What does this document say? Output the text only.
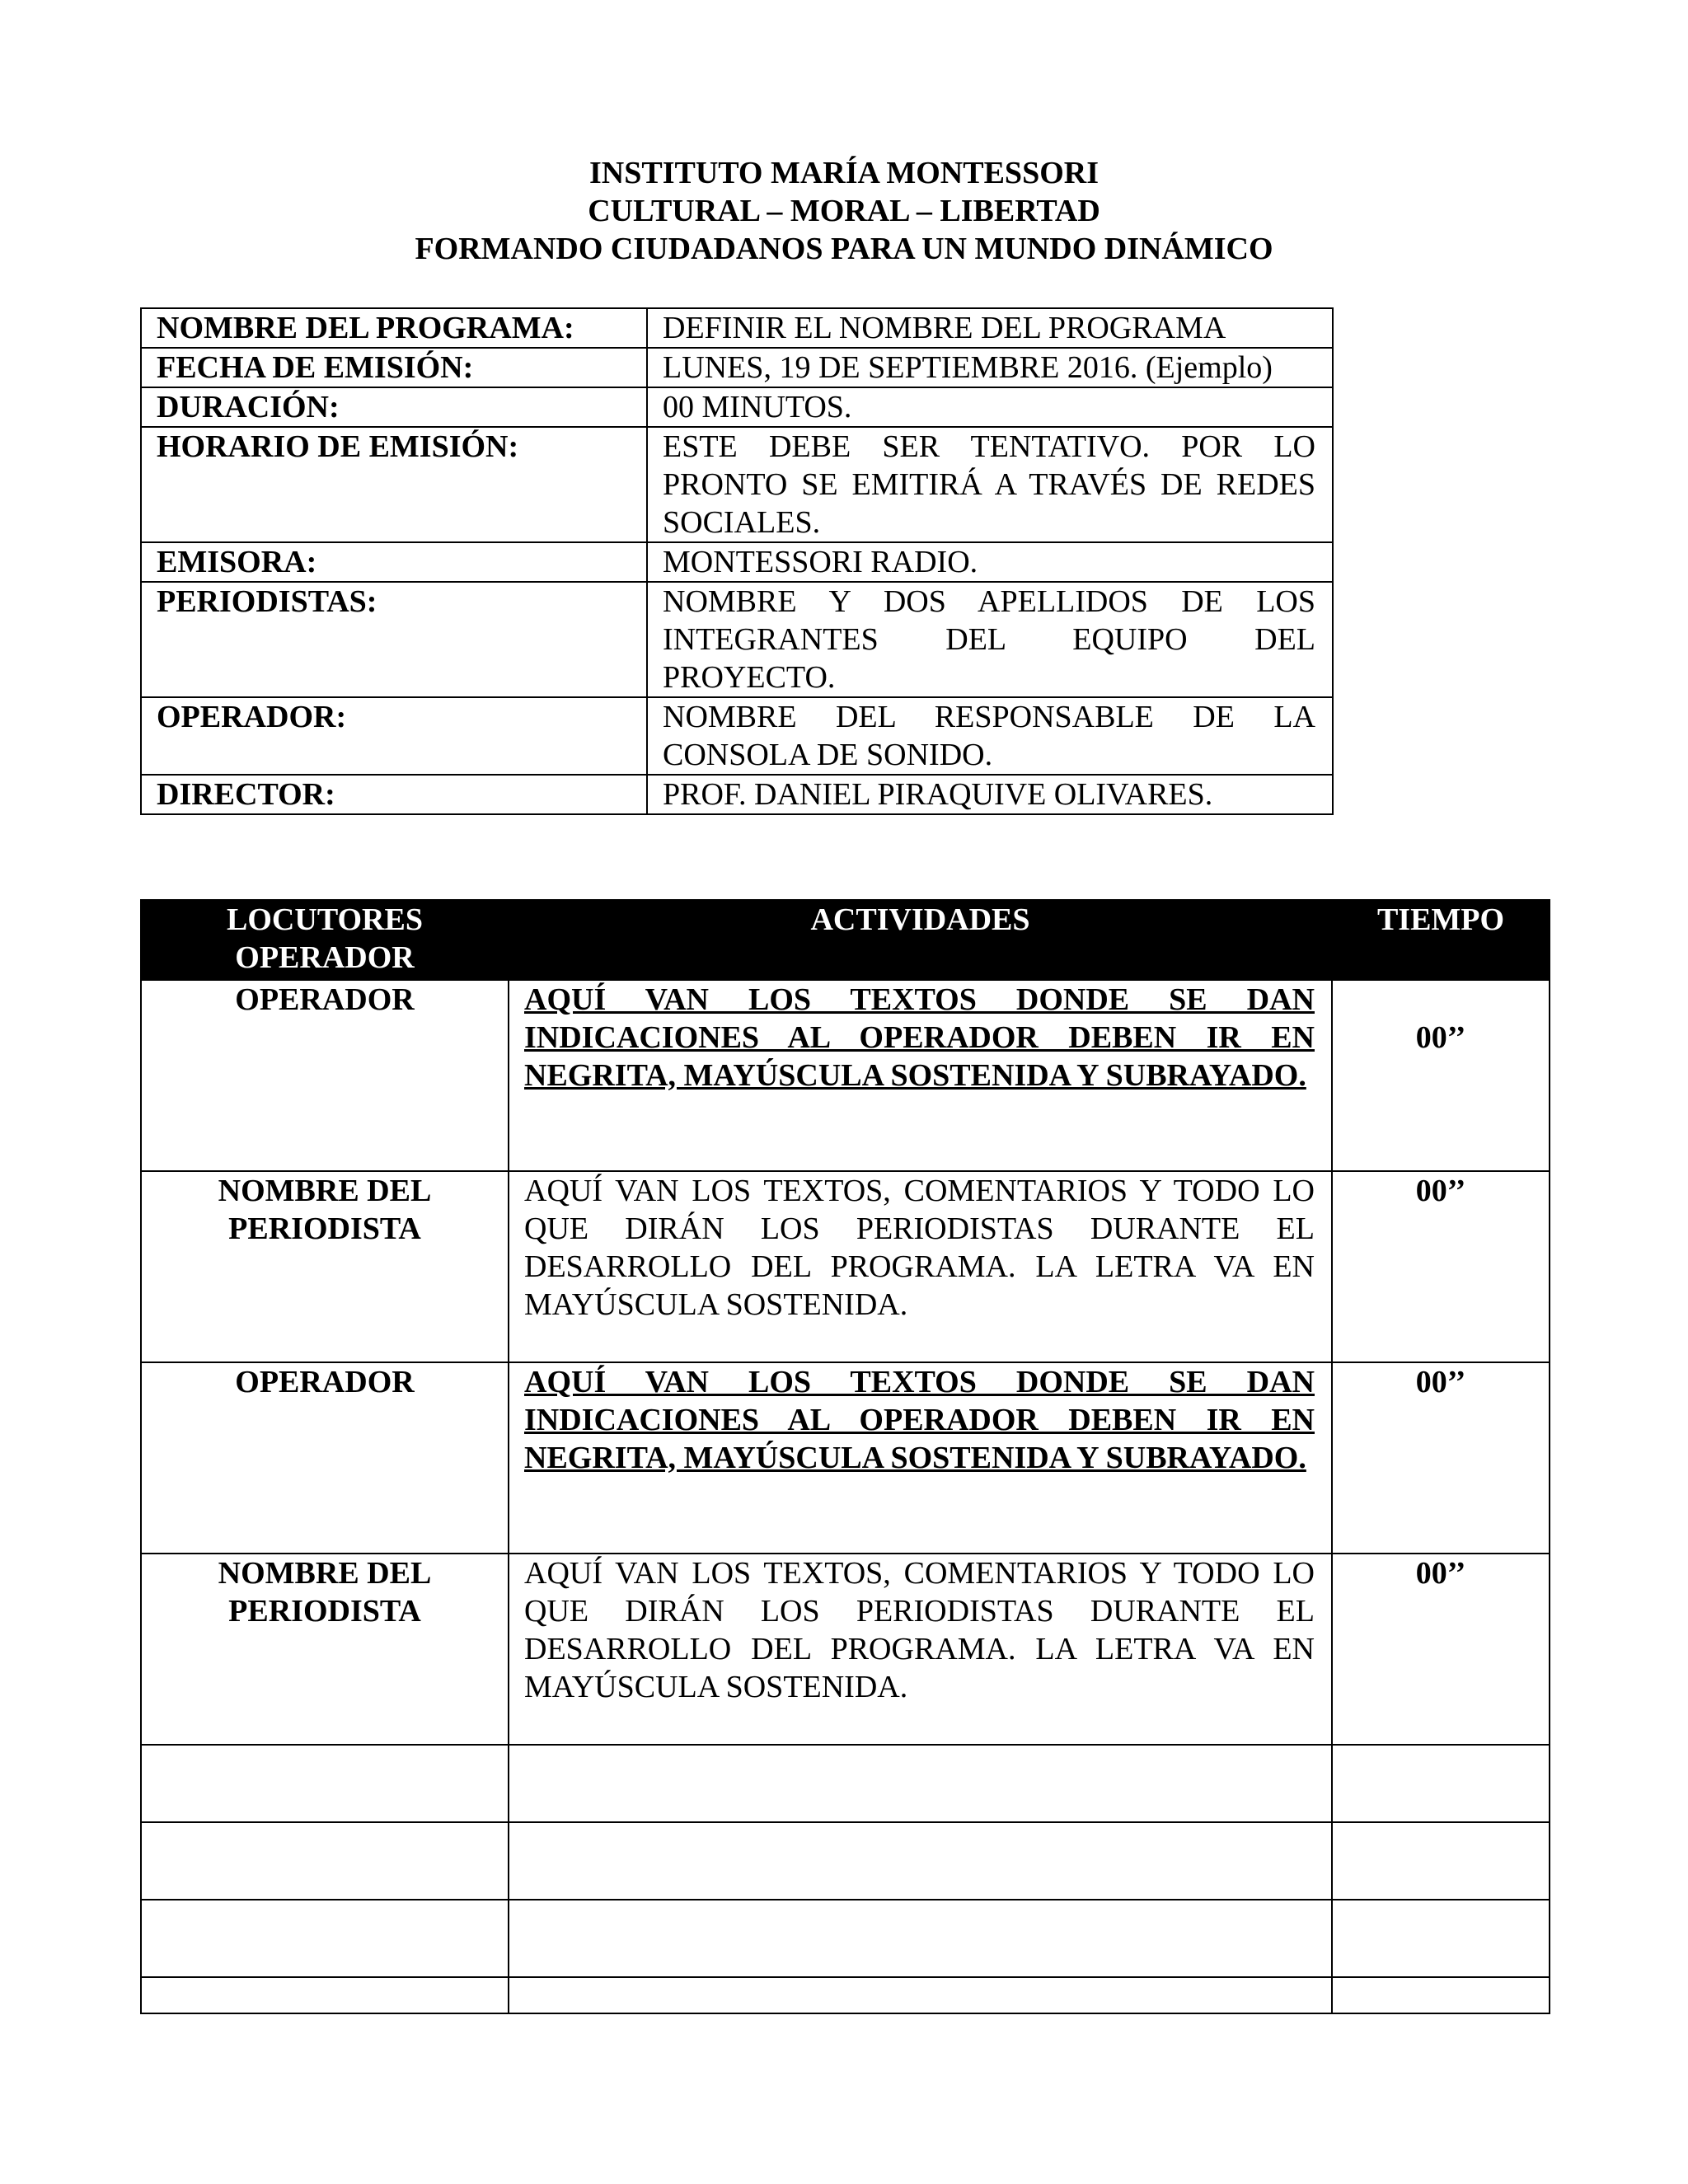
INSTITUTO MARÍA MONTESSORI
CULTURAL – MORAL – LIBERTAD
FORMANDO CIUDADANOS PARA UN MUNDO DINÁMICO
NOMBRE DEL PROGRAMA:	DEFINIR EL NOMBRE DEL PROGRAMA
FECHA DE EMISIÓN:	LUNES, 19 DE SEPTIEMBRE 2016. (Ejemplo)
DURACIÓN:	00 MINUTOS.
HORARIO DE EMISIÓN:	ESTE DEBE SER TENTATIVO. POR LO PRONTO SE EMITIRÁ A TRAVÉS DE REDES SOCIALES.
EMISORA:	MONTESSORI RADIO.
PERIODISTAS:	NOMBRE Y DOS APELLIDOS DE LOS INTEGRANTES DEL EQUIPO DEL PROYECTO.
OPERADOR:	NOMBRE DEL RESPONSABLE DE LA CONSOLA DE SONIDO.
DIRECTOR:	PROF. DANIEL PIRAQUIVE OLIVARES.
LOCUTORES
OPERADOR	ACTIVIDADES	TIEMPO
OPERADOR	AQUÍ VAN LOS TEXTOS DONDE SE DAN INDICACIONES AL OPERADOR DEBEN IR EN NEGRITA, MAYÚSCULA SOSTENIDA Y SUBRAYADO.	00’’

NOMBRE DEL
PERIODISTA	AQUÍ VAN LOS TEXTOS, COMENTARIOS Y TODO LO QUE DIRÁN LOS PERIODISTAS DURANTE EL DESARROLLO DEL PROGRAMA. LA LETRA VA EN MAYÚSCULA SOSTENIDA.	00’’
OPERADOR	AQUÍ VAN LOS TEXTOS DONDE SE DAN INDICACIONES AL OPERADOR DEBEN IR EN NEGRITA, MAYÚSCULA SOSTENIDA Y SUBRAYADO.	00’’

NOMBRE DEL
PERIODISTA	AQUÍ VAN LOS TEXTOS, COMENTARIOS Y TODO LO QUE DIRÁN LOS PERIODISTAS DURANTE EL DESARROLLO DEL PROGRAMA. LA LETRA VA EN MAYÚSCULA SOSTENIDA.	00’’
